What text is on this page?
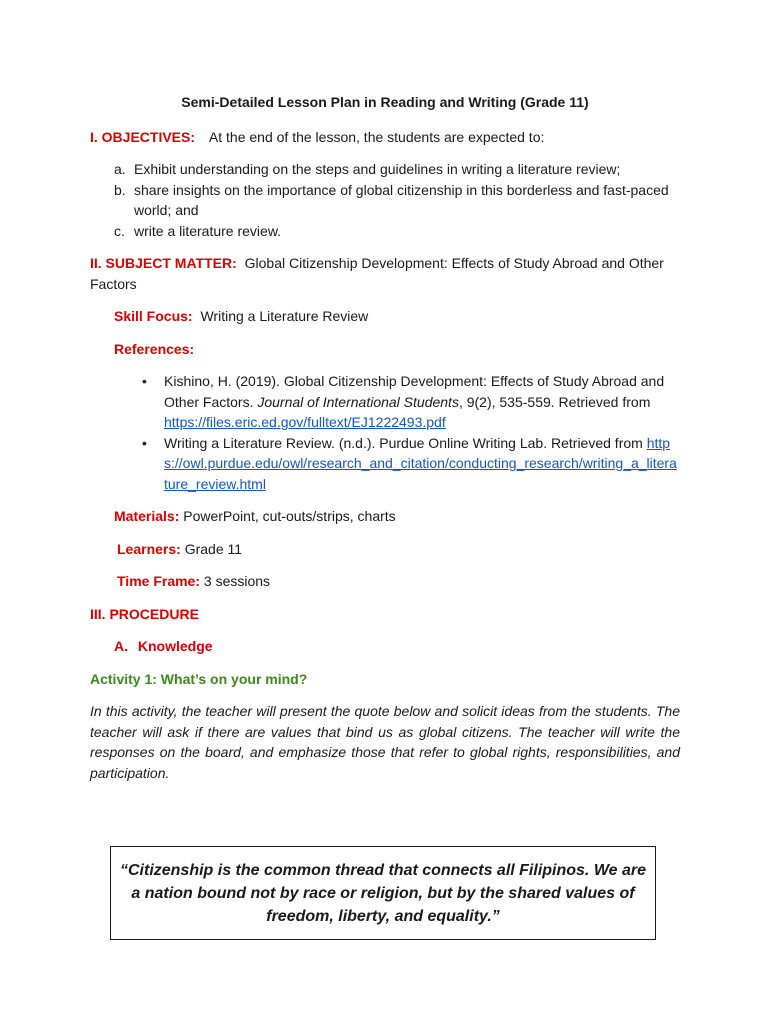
Semi-Detailed Lesson Plan in Reading and Writing (Grade 11)
I. OBJECTIVES: At the end of the lesson, the students are expected to:
a. Exhibit understanding on the steps and guidelines in writing a literature review;
b. share insights on the importance of global citizenship in this borderless and fast-paced world; and
c. write a literature review.
II. SUBJECT MATTER: Global Citizenship Development: Effects of Study Abroad and Other Factors
Skill Focus: Writing a Literature Review
References:
• Kishino, H. (2019). Global Citizenship Development: Effects of Study Abroad and Other Factors. Journal of International Students, 9(2), 535-559. Retrieved from https://files.eric.ed.gov/fulltext/EJ1222493.pdf
• Writing a Literature Review. (n.d.). Purdue Online Writing Lab. Retrieved from https://owl.purdue.edu/owl/research_and_citation/conducting_research/writing_a_literature_review.html
Materials: PowerPoint, cut-outs/strips, charts
Learners: Grade 11
Time Frame: 3 sessions
III. PROCEDURE
A. Knowledge
Activity 1: What’s on your mind?
In this activity, the teacher will present the quote below and solicit ideas from the students. The teacher will ask if there are values that bind us as global citizens. The teacher will write the responses on the board, and emphasize those that refer to global rights, responsibilities, and participation.
“Citizenship is the common thread that connects all Filipinos. We are a nation bound not by race or religion, but by the shared values of freedom, liberty, and equality.”
